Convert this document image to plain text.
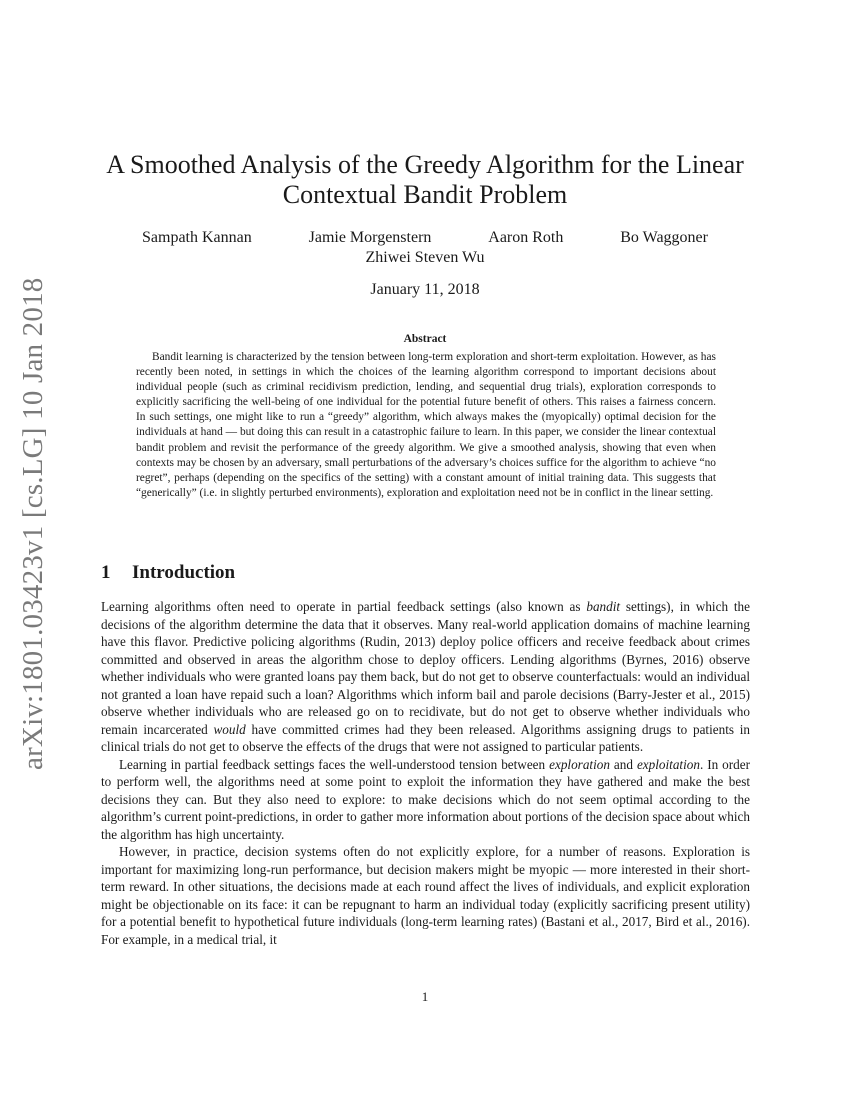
arXiv:1801.03423v1 [cs.LG] 10 Jan 2018
A Smoothed Analysis of the Greedy Algorithm for the Linear Contextual Bandit Problem
Sampath Kannan	Jamie Morgenstern	Aaron Roth	Bo Waggoner
Zhiwei Steven Wu
January 11, 2018
Abstract

Bandit learning is characterized by the tension between long-term exploration and short-term exploitation. However, as has recently been noted, in settings in which the choices of the learning algorithm correspond to important decisions about individual people (such as criminal recidivism prediction, lending, and sequential drug trials), exploration corresponds to explicitly sacrificing the well-being of one individual for the potential future benefit of others. This raises a fairness concern. In such settings, one might like to run a “greedy” algorithm, which always makes the (myopically) optimal decision for the individuals at hand — but doing this can result in a catastrophic failure to learn. In this paper, we consider the linear contextual bandit problem and revisit the performance of the greedy algorithm. We give a smoothed analysis, showing that even when contexts may be chosen by an adversary, small perturbations of the adversary’s choices suffice for the algorithm to achieve “no regret”, perhaps (depending on the specifics of the setting) with a constant amount of initial training data. This suggests that “generically” (i.e. in slightly perturbed environments), exploration and exploitation need not be in conflict in the linear setting.

1 Introduction

Learning algorithms often need to operate in partial feedback settings (also known as bandit settings), in which the decisions of the algorithm determine the data that it observes. Many real-world application domains of machine learning have this flavor. Predictive policing algorithms (Rudin, 2013) deploy police officers and receive feedback about crimes committed and observed in areas the algorithm chose to deploy officers. Lending algorithms (Byrnes, 2016) observe whether individuals who were granted loans pay them back, but do not get to observe counterfactuals: would an individual not granted a loan have repaid such a loan? Algorithms which inform bail and parole decisions (Barry-Jester et al., 2015) observe whether individuals who are released go on to recidivate, but do not get to observe whether individuals who remain incarcerated would have committed crimes had they been released. Algorithms assigning drugs to patients in clinical trials do not get to observe the effects of the drugs that were not assigned to particular patients.

Learning in partial feedback settings faces the well-understood tension between exploration and exploitation. In order to perform well, the algorithms need at some point to exploit the information they have gathered and make the best decisions they can. But they also need to explore: to make decisions which do not seem optimal according to the algorithm’s current point-predictions, in order to gather more information about portions of the decision space about which the algorithm has high uncertainty.

However, in practice, decision systems often do not explicitly explore, for a number of reasons. Exploration is important for maximizing long-run performance, but decision makers might be myopic — more interested in their short-term reward. In other situations, the decisions made at each round affect the lives of individuals, and explicit exploration might be objectionable on its face: it can be repugnant to harm an individual today (explicitly sacrificing present utility) for a potential benefit to hypothetical future individuals (long-term learning rates) (Bastani et al., 2017, Bird et al., 2016). For example, in a medical trial, it

1
